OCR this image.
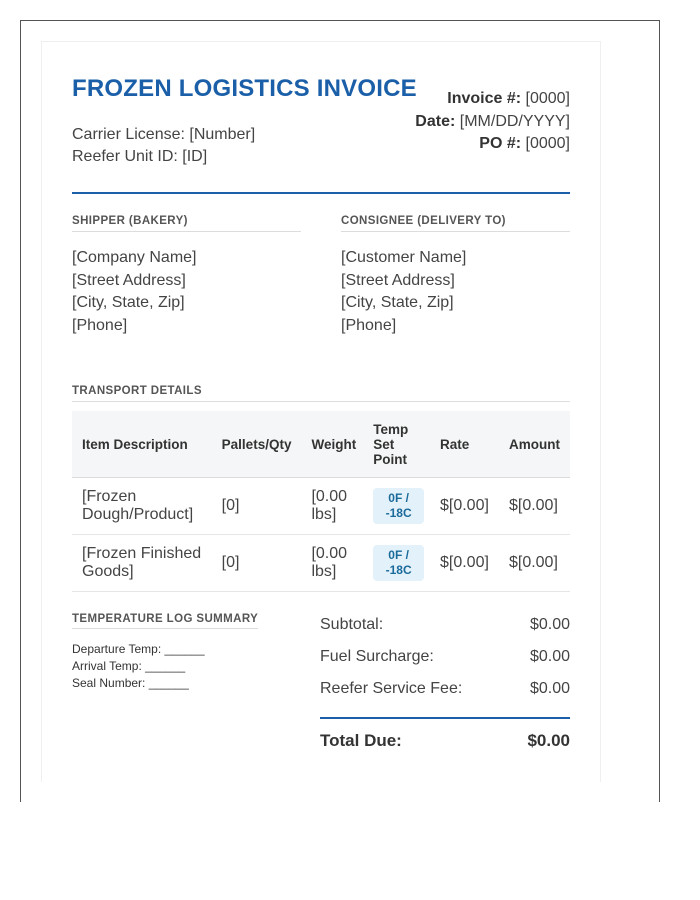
FROZEN LOGISTICS INVOICE
Carrier License: [Number]
Reefer Unit ID: [ID]
Invoice #: [0000]
Date: [MM/DD/YYYY]
PO #: [0000]
SHIPPER (BAKERY)
[Company Name]
[Street Address]
[City, State, Zip]
[Phone]
CONSIGNEE (DELIVERY TO)
[Customer Name]
[Street Address]
[City, State, Zip]
[Phone]
TRANSPORT DETAILS
Item Description	Pallets/Qty	Weight	Temp Set Point	Rate	Amount
[Frozen Dough/Product]	[0]	[0.00 lbs]	0F / -18C	$[0.00]	$[0.00]
[Frozen Finished Goods]	[0]	[0.00 lbs]	0F / -18C	$[0.00]	$[0.00]
TEMPERATURE LOG SUMMARY
Departure Temp: ______
Arrival Temp: ______
Seal Number: ______
Subtotal:	$0.00
Fuel Surcharge:	$0.00
Reefer Service Fee:	$0.00
Total Due:	$0.00
